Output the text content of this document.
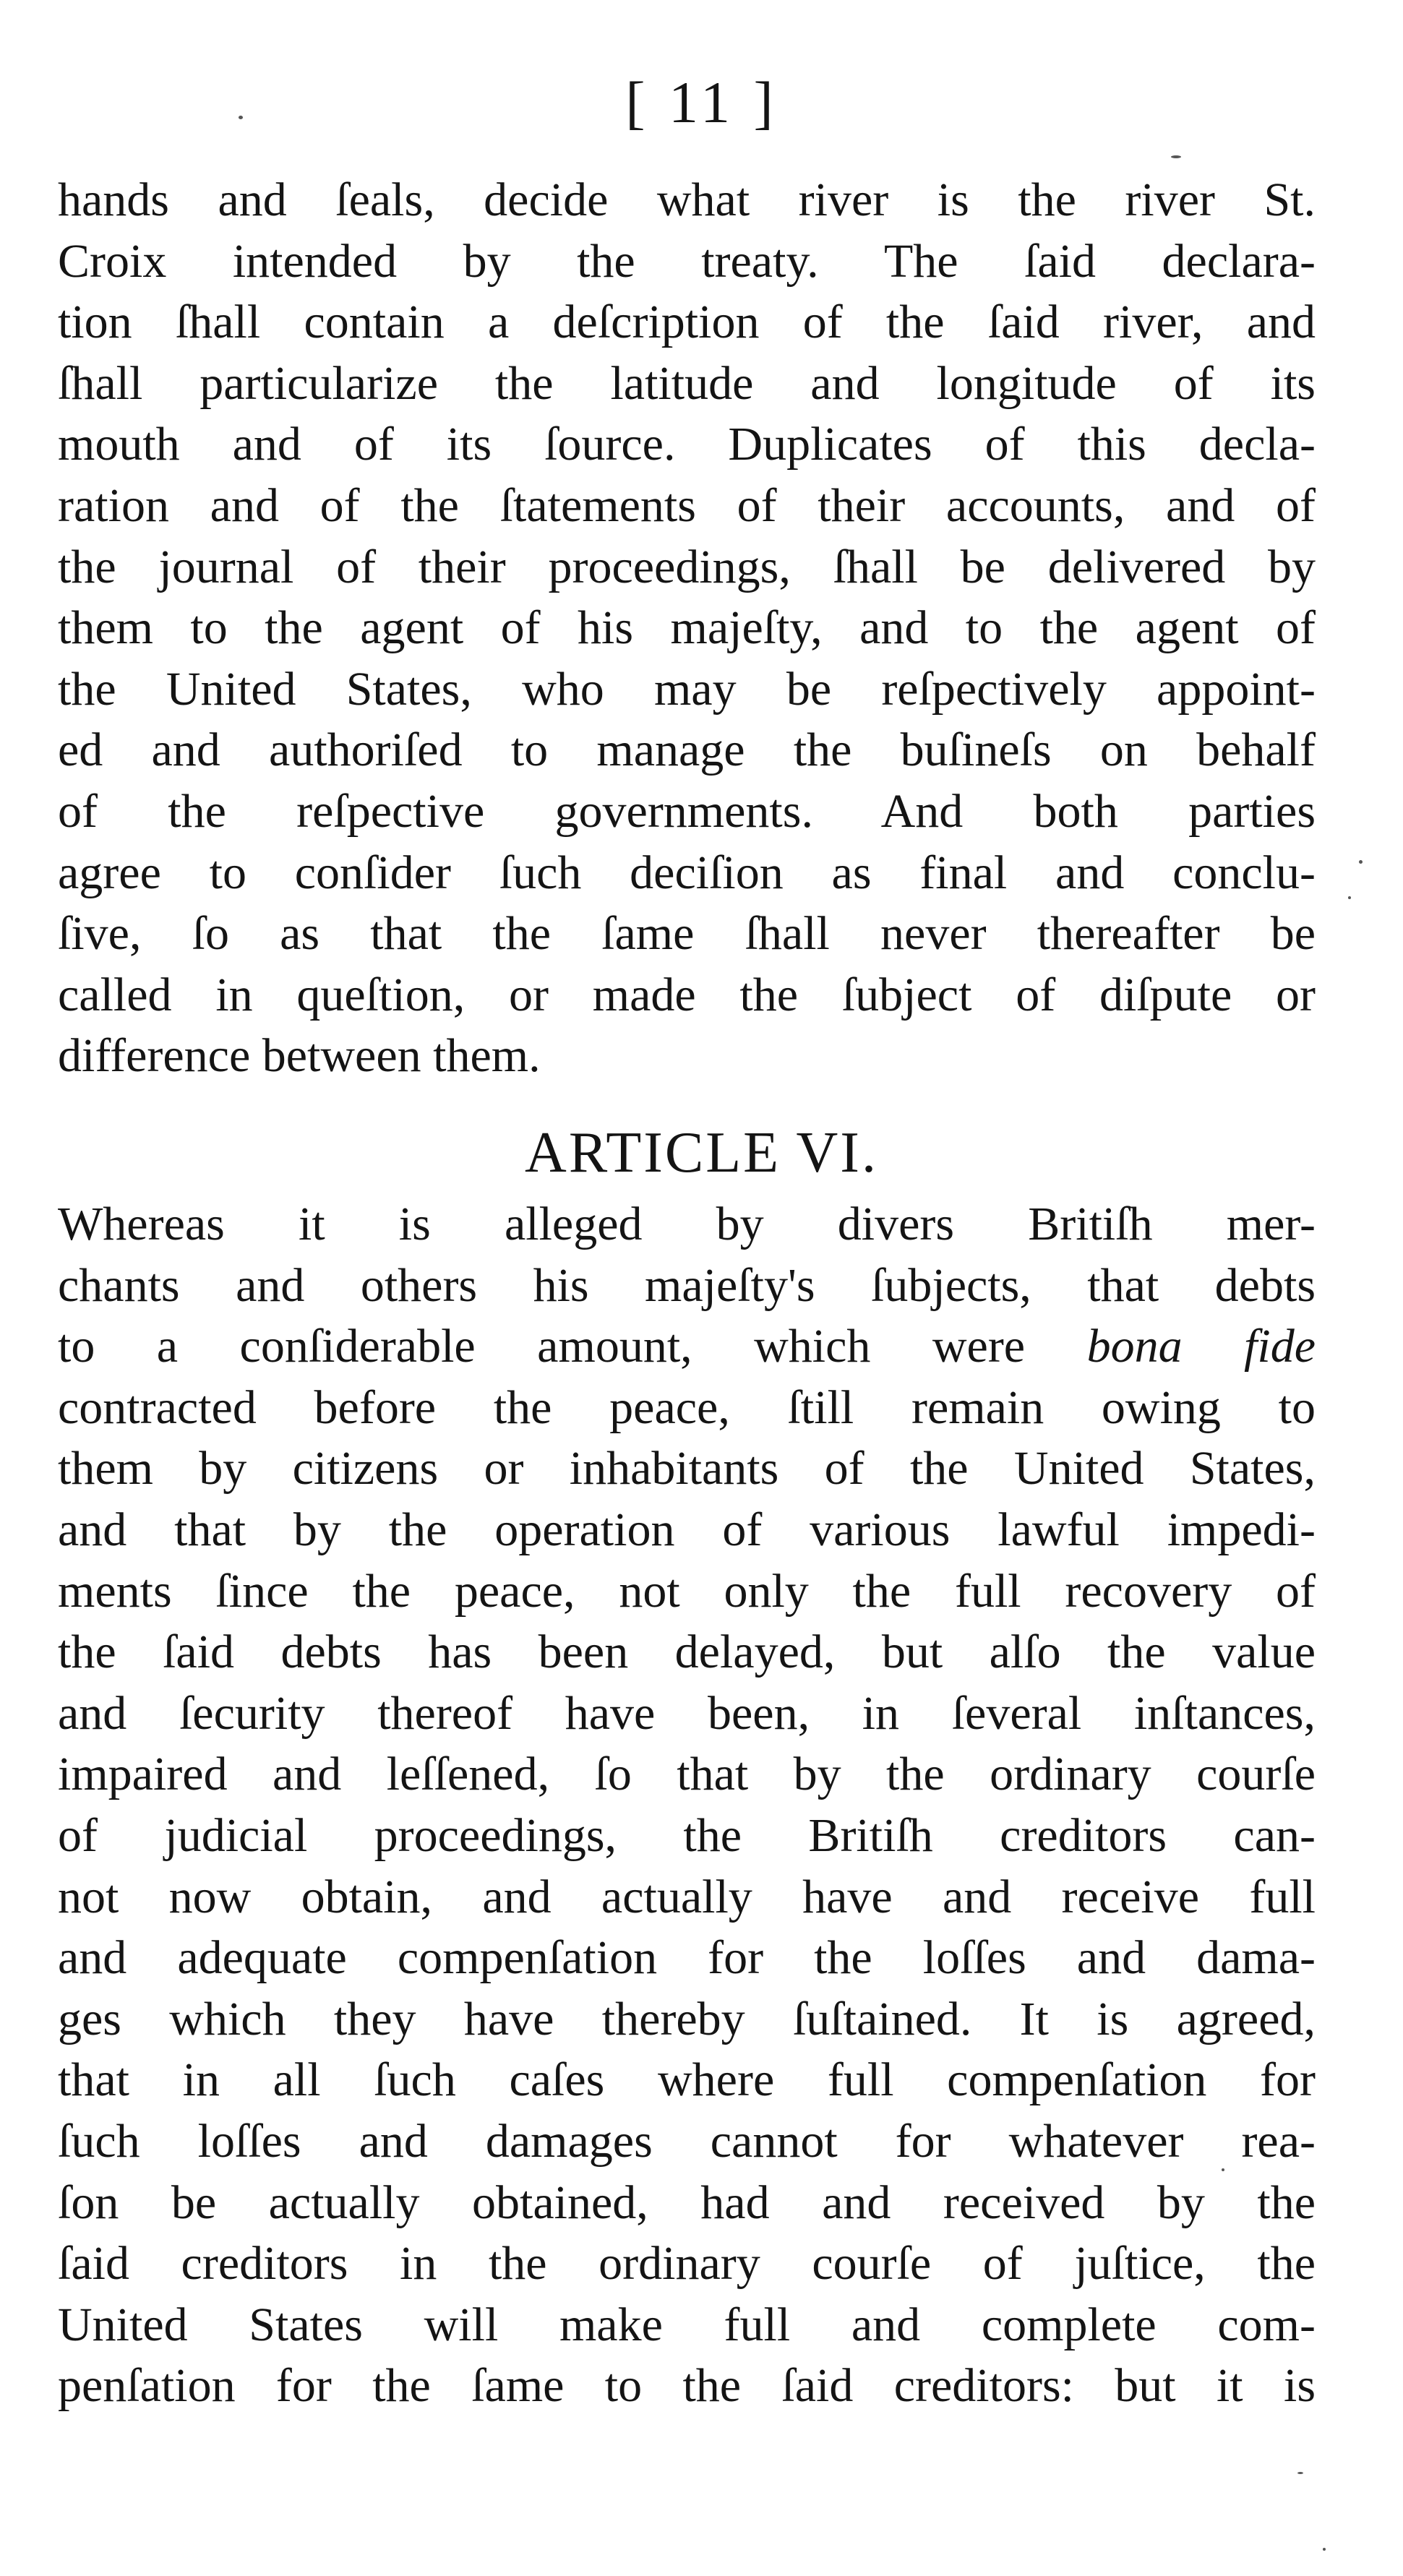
[ 11 ]
hands and ſeals, decide what river is the river St.
Croix intended by the treaty. The ſaid declara-
tion ſhall contain a deſcription of the ſaid river, and
ſhall particularize the latitude and longitude of its
mouth and of its ſource. Duplicates of this decla-
ration and of the ſtatements of their accounts, and of
the journal of their proceedings, ſhall be delivered by
them to the agent of his majeſty, and to the agent of
the United States, who may be reſpectively appoint-
ed and authoriſed to manage the buſineſs on behalf
of the reſpective governments. And both parties
agree to conſider ſuch deciſion as final and conclu-
ſive, ſo as that the ſame ſhall never thereafter be
called in queſtion, or made the ſubject of diſpute or
difference between them.
ARTICLE VI.
Whereas it is alleged by divers Britiſh mer-
chants and others his majeſty's ſubjects, that debts
to a conſiderable amount, which were bona fide
contracted before the peace, ſtill remain owing to
them by citizens or inhabitants of the United States,
and that by the operation of various lawful impedi-
ments ſince the peace, not only the full recovery of
the ſaid debts has been delayed, but alſo the value
and ſecurity thereof have been, in ſeveral inſtances,
impaired and leſſened, ſo that by the ordinary courſe
of judicial proceedings, the Britiſh creditors can-
not now obtain, and actually have and receive full
and adequate compenſation for the loſſes and dama-
ges which they have thereby ſuſtained. It is agreed,
that in all ſuch caſes where full compenſation for
ſuch loſſes and damages cannot for whatever rea-
ſon be actually obtained, had and received by the
ſaid creditors in the ordinary courſe of juſtice, the
United States will make full and complete com-
penſation for the ſame to the ſaid creditors: but it is
